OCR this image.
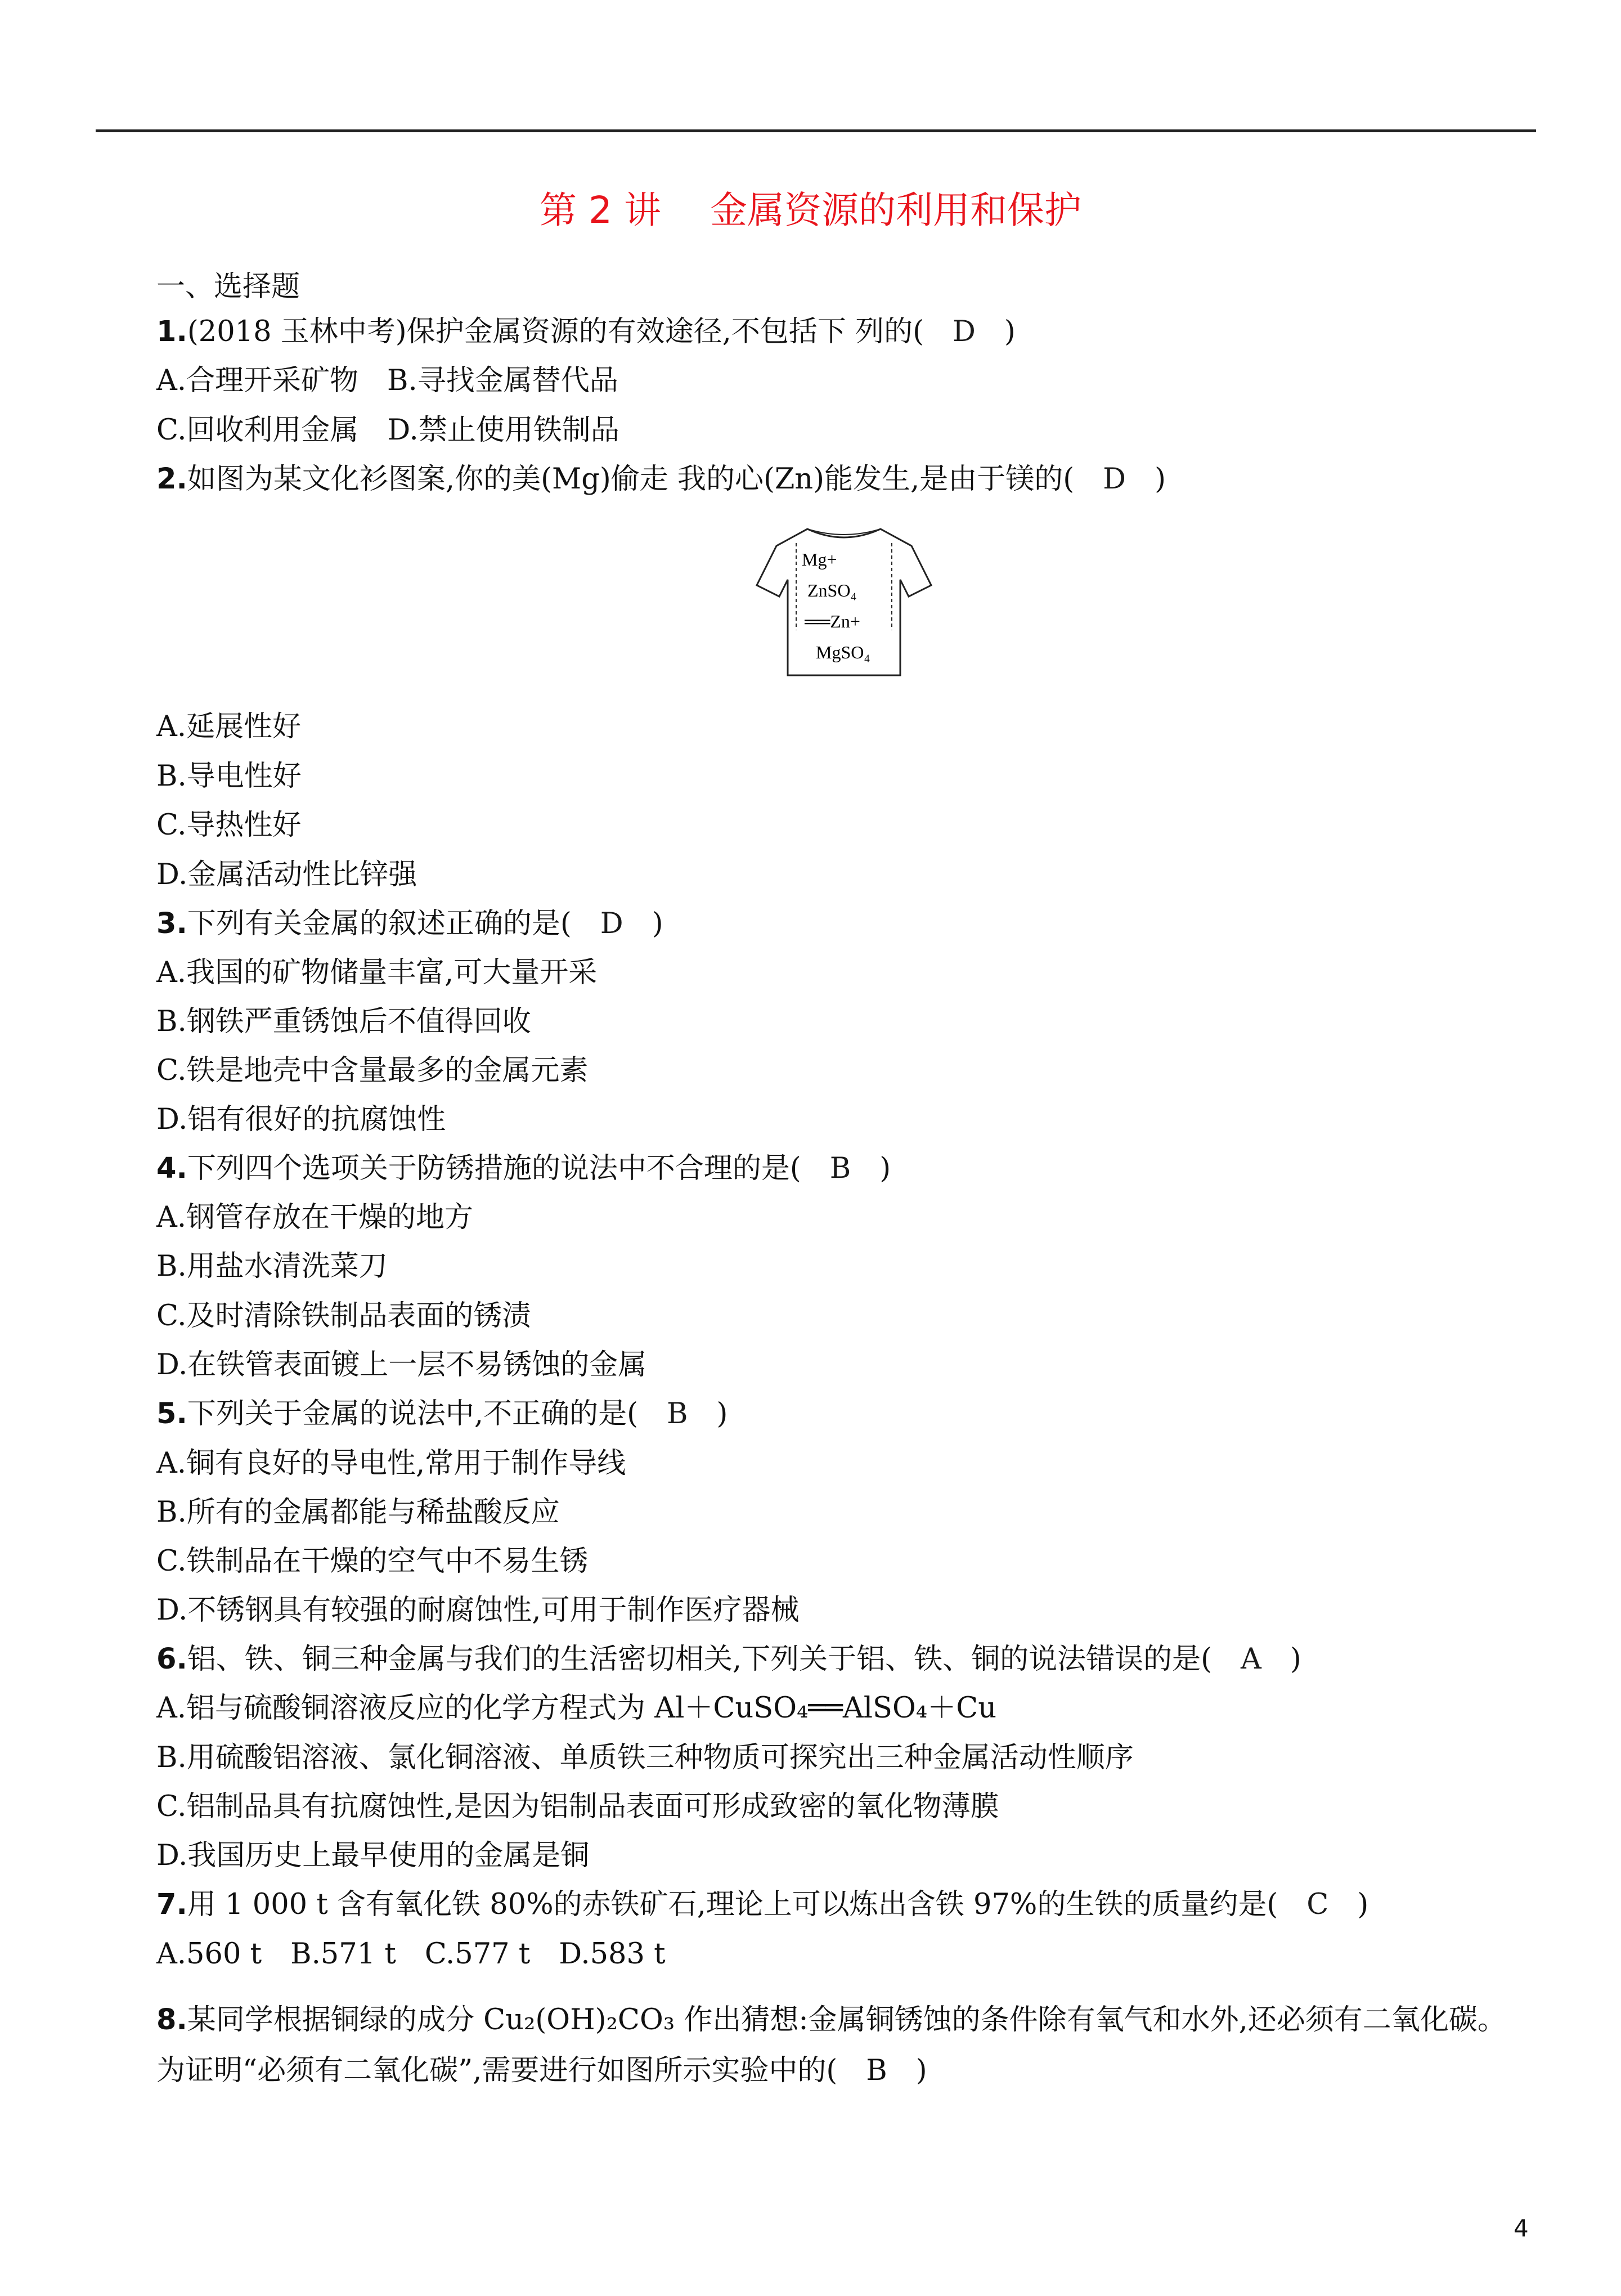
第 2 讲　 金属资源的利用和保护
一、选择题
1.(2018 玉林中考)保护金属资源的有效途径,不包括下 列的(　 D　 )
A.合理开采矿物　B.寻找金属替代品
C.回收利用金属　D.禁止使用铁制品
2.如图为某文化衫图案,你的美(Mg)偷走 我的心(Zn)能发生,是由于镁的(　 D　 )
A.延展性好
B.导电性好
C.导热性好
D.金属活动性比锌强
3.下列有关金属的叙述正确的是(　 D　 )
A.我国的矿物储量丰富,可大量开采
B.钢铁严重锈蚀后不值得回收
C.铁是地壳中含量最多的金属元素
D.铝有很好的抗腐蚀性
4.下列四个选项关于防锈措施的说法中不合理的是(　 B　 )
A.钢管存放在干燥的地方
B.用盐水清洗菜刀
C.及时清除铁制品表面的锈渍
D.在铁管表面镀上一层不易锈蚀的金属
5.下列关于金属的说法中,不正确的是(　 B　 )
A.铜有良好的导电性,常用于制作导线
B.所有的金属都能与稀盐酸反应
C.铁制品在干燥的空气中不易生锈
D.不锈钢具有较强的耐腐蚀性,可用于制作医疗器械
6.铝、铁、铜三种金属与我们的生活密切相关,下列关于铝、铁、铜的说法错误的是(　 A　 )
A.铝与硫酸铜溶液反应的化学方程式为 Al＋CuSO₄══AlSO₄＋Cu
B.用硫酸铝溶液、氯化铜溶液、单质铁三种物质可探究出三种金属活动性顺序
C.铝制品具有抗腐蚀性,是因为铝制品表面可形成致密的氧化物薄膜
D.我国历史上最早使用的金属是铜
7.用 1 000 t 含有氧化铁 80%的赤铁矿石,理论上可以炼出含铁 97%的生铁的质量约是(　 C　 )
A.560 t　B.571 t　C.577 t　D.583 t
Mg+
ZnSO₄
══Zn+
MgSO₄
8.某同学根据铜绿的成分 Cu₂(OH)₂CO₃ 作出猜想:金属铜锈蚀的条件除有氧气和水外,还必须有二氧化碳。为证明“必须有二氧化碳”,需要进行如图所示实验中的(　 B　 )
4
